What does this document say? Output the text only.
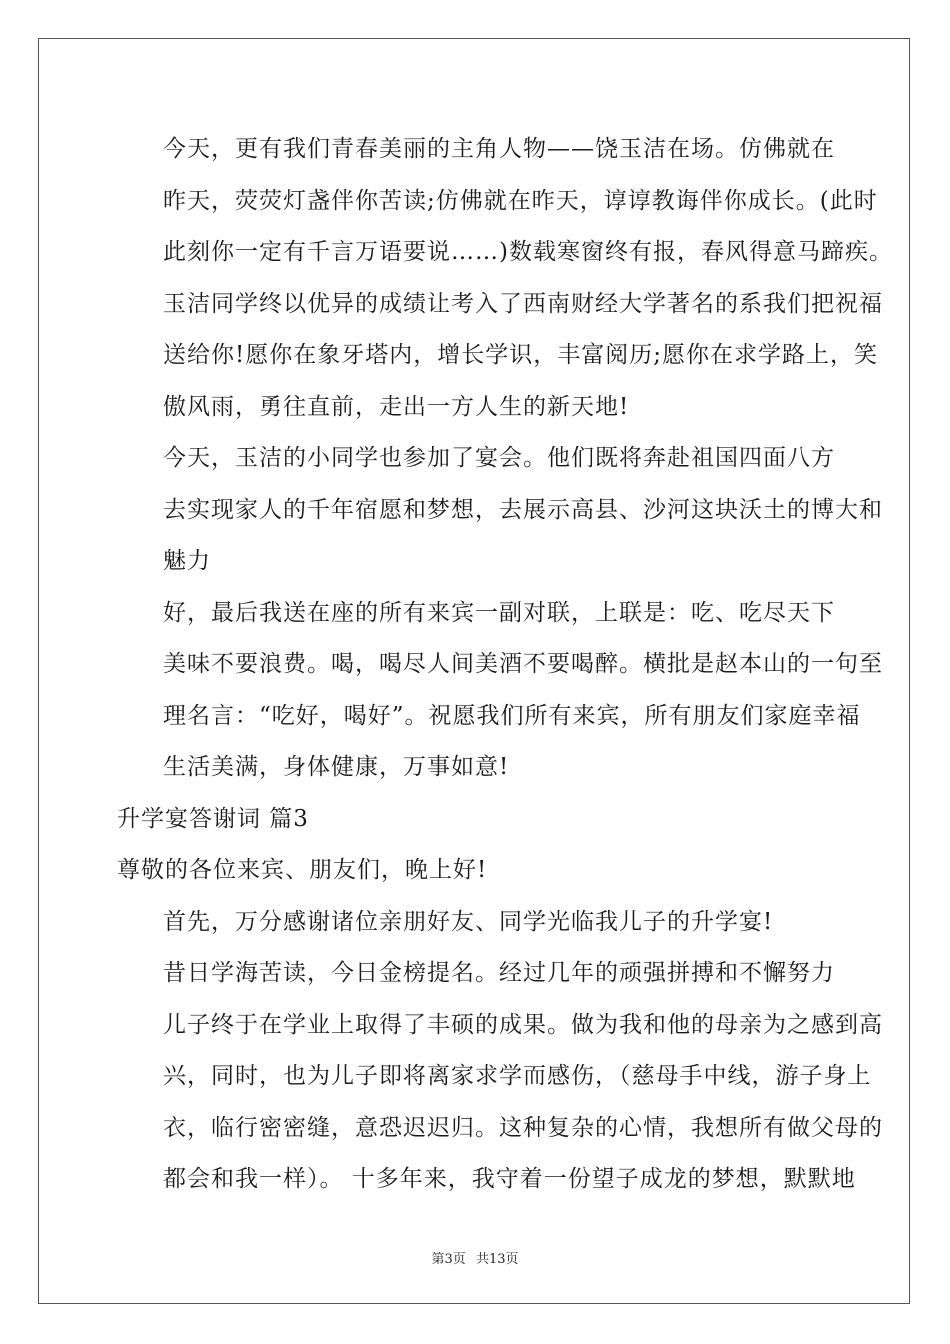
今天，更有我们青春美丽的主角人物——饶玉洁在场。仿佛就在
昨天，荧荧灯盏伴你苦读;仿佛就在昨天，谆谆教诲伴你成长。(此时
此刻你一定有千言万语要说……)数载寒窗终有报，春风得意马蹄疾。
玉洁同学终以优异的成绩让考入了西南财经大学著名的系我们把祝福
送给你!愿你在象牙塔内，增长学识，丰富阅历;愿你在求学路上，笑
傲风雨，勇往直前，走出一方人生的新天地!

今天，玉洁的小同学也参加了宴会。他们既将奔赴祖国四面八方
去实现家人的千年宿愿和梦想，去展示高县、沙河这块沃土的博大和
魅力

好，最后我送在座的所有来宾一副对联，上联是：吃、吃尽天下
美味不要浪费。喝，喝尽人间美酒不要喝醉。横批是赵本山的一句至
理名言：“吃好，喝好”。祝愿我们所有来宾，所有朋友们家庭幸福
生活美满，身体健康，万事如意!

升学宴答谢词 篇3

尊敬的各位来宾、朋友们，晚上好!

首先，万分感谢诸位亲朋好友、同学光临我儿子的升学宴!

昔日学海苦读，今日金榜提名。经过几年的顽强拼搏和不懈努力
儿子终于在学业上取得了丰硕的成果。做为我和他的母亲为之感到高
兴，同时，也为儿子即将离家求学而感伤，（慈母手中线，游子身上
衣，临行密密缝，意恐迟迟归。这种复杂的心情，我想所有做父母的
都会和我一样）。 十多年来，我守着一份望子成龙的梦想，默默地

第3页 共13页
